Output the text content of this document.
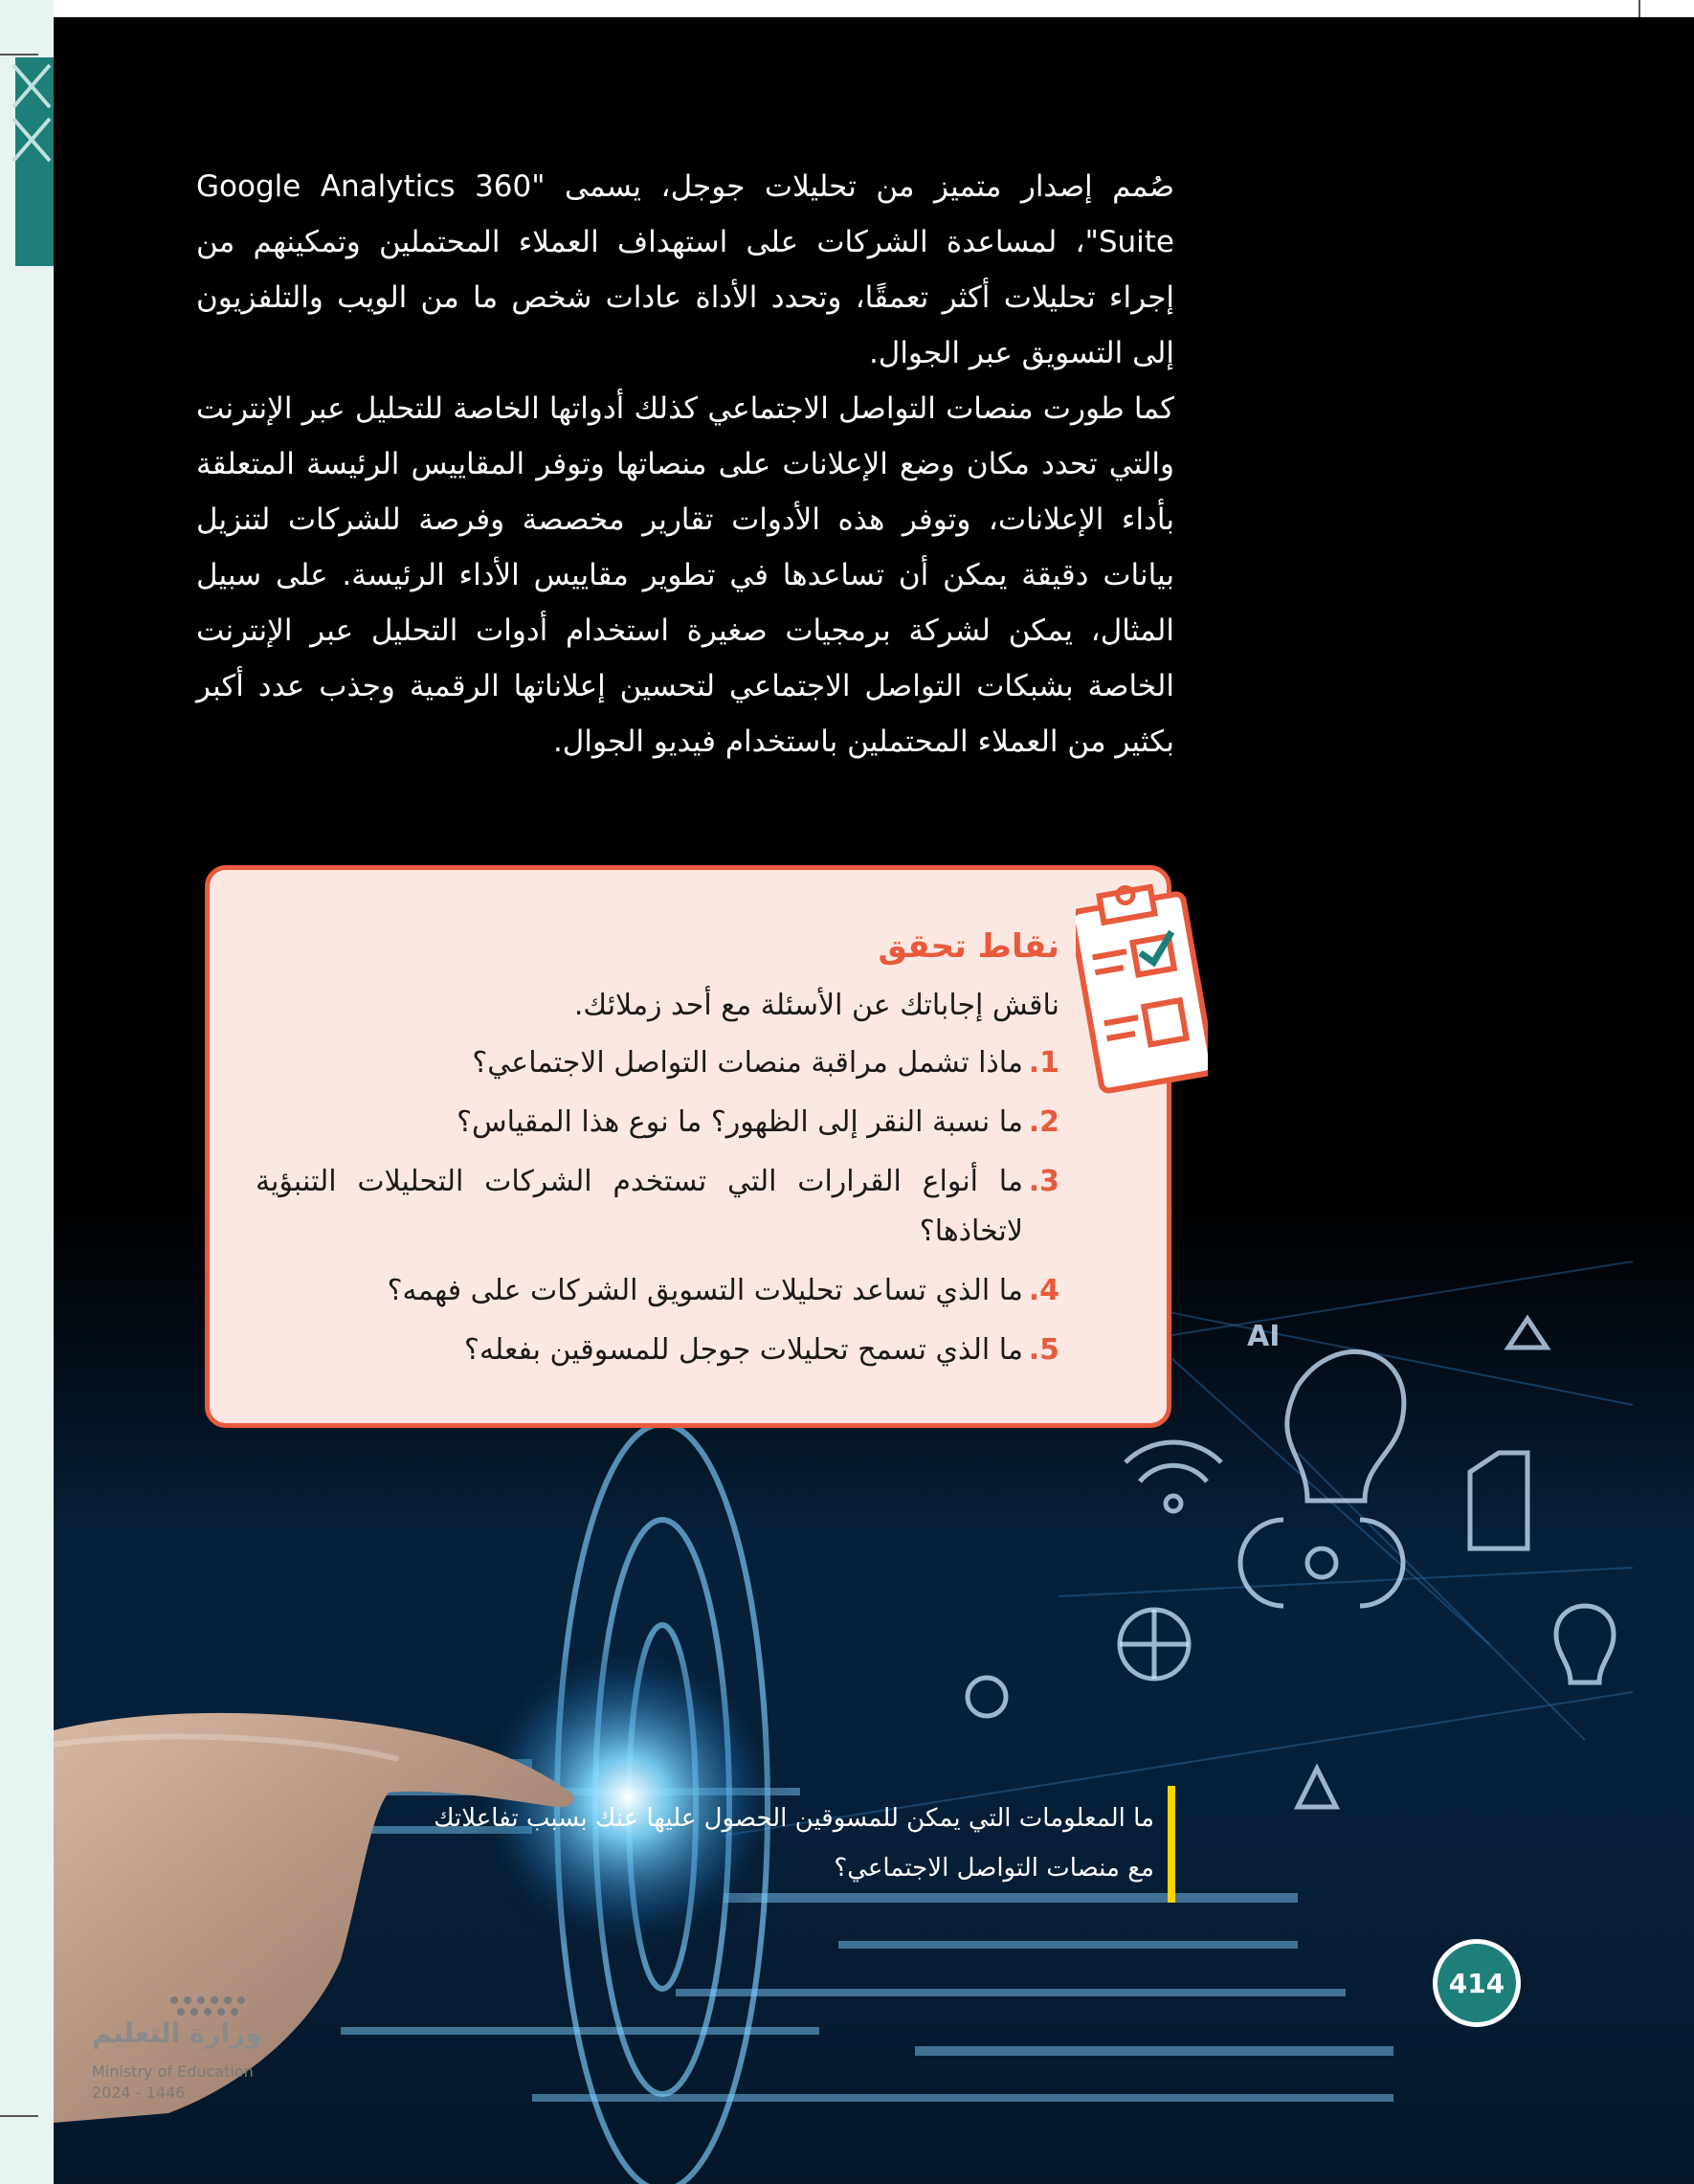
AI

صُمم إصدار متميز من تحليلات جوجل، يسمى "Google Analytics 360 Suite"، لمساعدة الشركات على استهداف العملاء المحتملين وتمكينهم من إجراء تحليلات أكثر تعمقًا، وتحدد الأداة عادات شخص ما من الويب والتلفزيون إلى التسويق عبر الجوال.

كما طورت منصات التواصل الاجتماعي كذلك أدواتها الخاصة للتحليل عبر الإنترنت والتي تحدد مكان وضع الإعلانات على منصاتها وتوفر المقاييس الرئيسة المتعلقة بأداء الإعلانات، وتوفر هذه الأدوات تقارير مخصصة وفرصة للشركات لتنزيل بيانات دقيقة يمكن أن تساعدها في تطوير مقاييس الأداء الرئيسة. على سبيل المثال، يمكن لشركة برمجيات صغيرة استخدام أدوات التحليل عبر الإنترنت الخاصة بشبكات التواصل الاجتماعي لتحسين إعلاناتها الرقمية وجذب عدد أكبر بكثير من العملاء المحتملين باستخدام فيديو الجوال.

نقاط تحقق

ناقش إجاباتك عن الأسئلة مع أحد زملائك.

1.
ماذا تشمل مراقبة منصات التواصل الاجتماعي؟
2.
ما نسبة النقر إلى الظهور؟ ما نوع هذا المقياس؟
3.
ما أنواع القرارات التي تستخدم الشركات التحليلات التنبؤية لاتخاذها؟
4.
ما الذي تساعد تحليلات التسويق الشركات على فهمه؟
5.
ما الذي تسمح تحليلات جوجل للمسوقين بفعله؟

ما المعلومات التي يمكن للمسوقين الحصول عليها عنك بسبب تفاعلاتك
مع منصات التواصل الاجتماعي؟

414

وزارة التعليم

Ministry of Education
2024 - 1446
